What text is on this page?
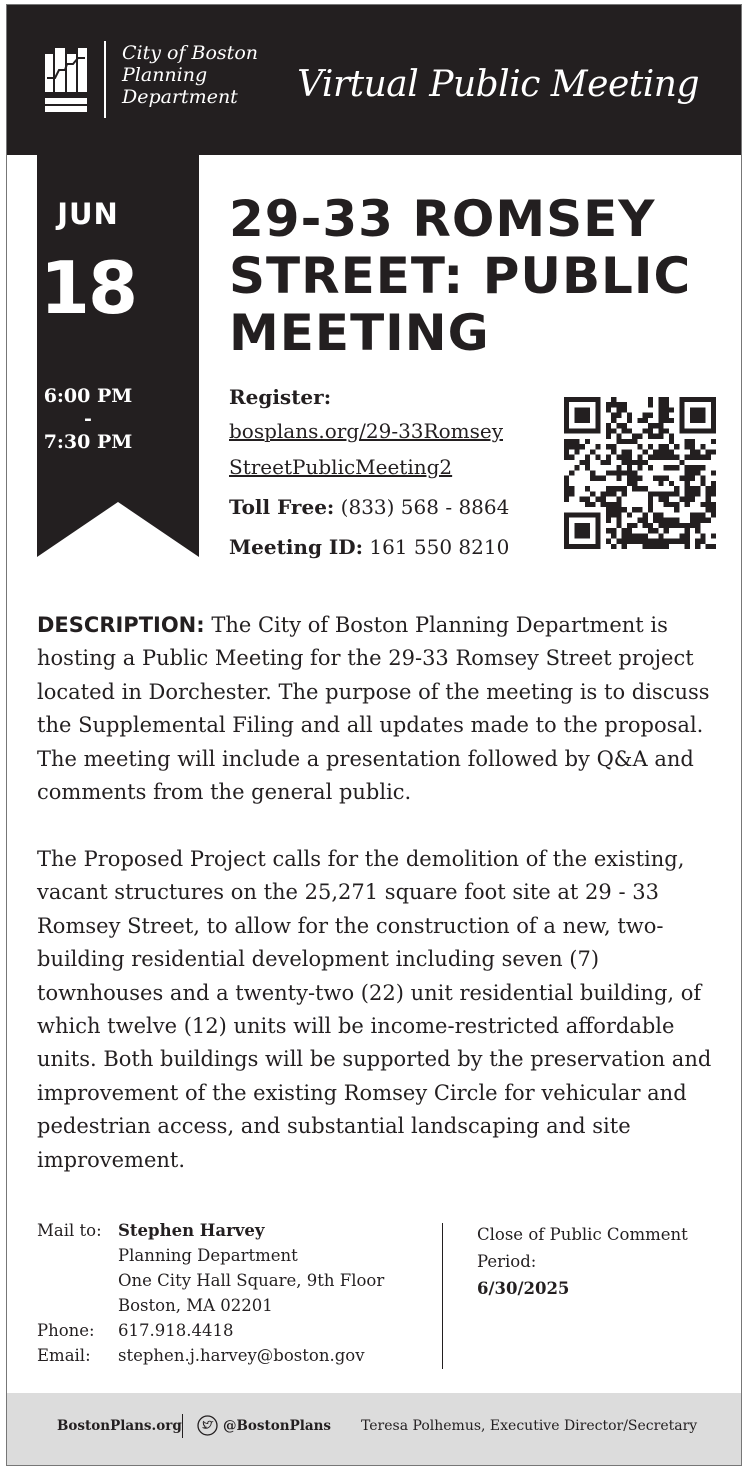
City of Boston
Planning
Department	Virtual Public Meeting
JUN
18
6:00 PM
-
7:30 PM
29-33 ROMSEY
STREET: PUBLIC
MEETING
Register:
bosplans.org/29-33Romsey
StreetPublicMeeting2
Toll Free: (833) 568 - 8864
Meeting ID: 161 550 8210
DESCRIPTION: The City of Boston Planning Department is hosting a Public Meeting for the 29-33 Romsey Street project located in Dorchester. The purpose of the meeting is to discuss the Supplemental Filing and all updates made to the proposal. The meeting will include a presentation followed by Q&A and comments from the general public.
The Proposed Project calls for the demolition of the existing, vacant structures on the 25,271 square foot site at 29 - 33 Romsey Street, to allow for the construction of a new, two-building residential development including seven (7) townhouses and a twenty-two (22) unit residential building, of which twelve (12) units will be income-restricted affordable units. Both buildings will be supported by the preservation and improvement of the existing Romsey Circle for vehicular and pedestrian access, and substantial landscaping and site improvement.
Mail to: Stephen Harvey
Planning Department
One City Hall Square, 9th Floor
Boston, MA 02201
Phone: 617.918.4418
Email: stephen.j.harvey@boston.gov
Close of Public Comment
Period:
6/30/2025
BostonPlans.org	@BostonPlans Teresa Polhemus, Executive Director/Secretary
